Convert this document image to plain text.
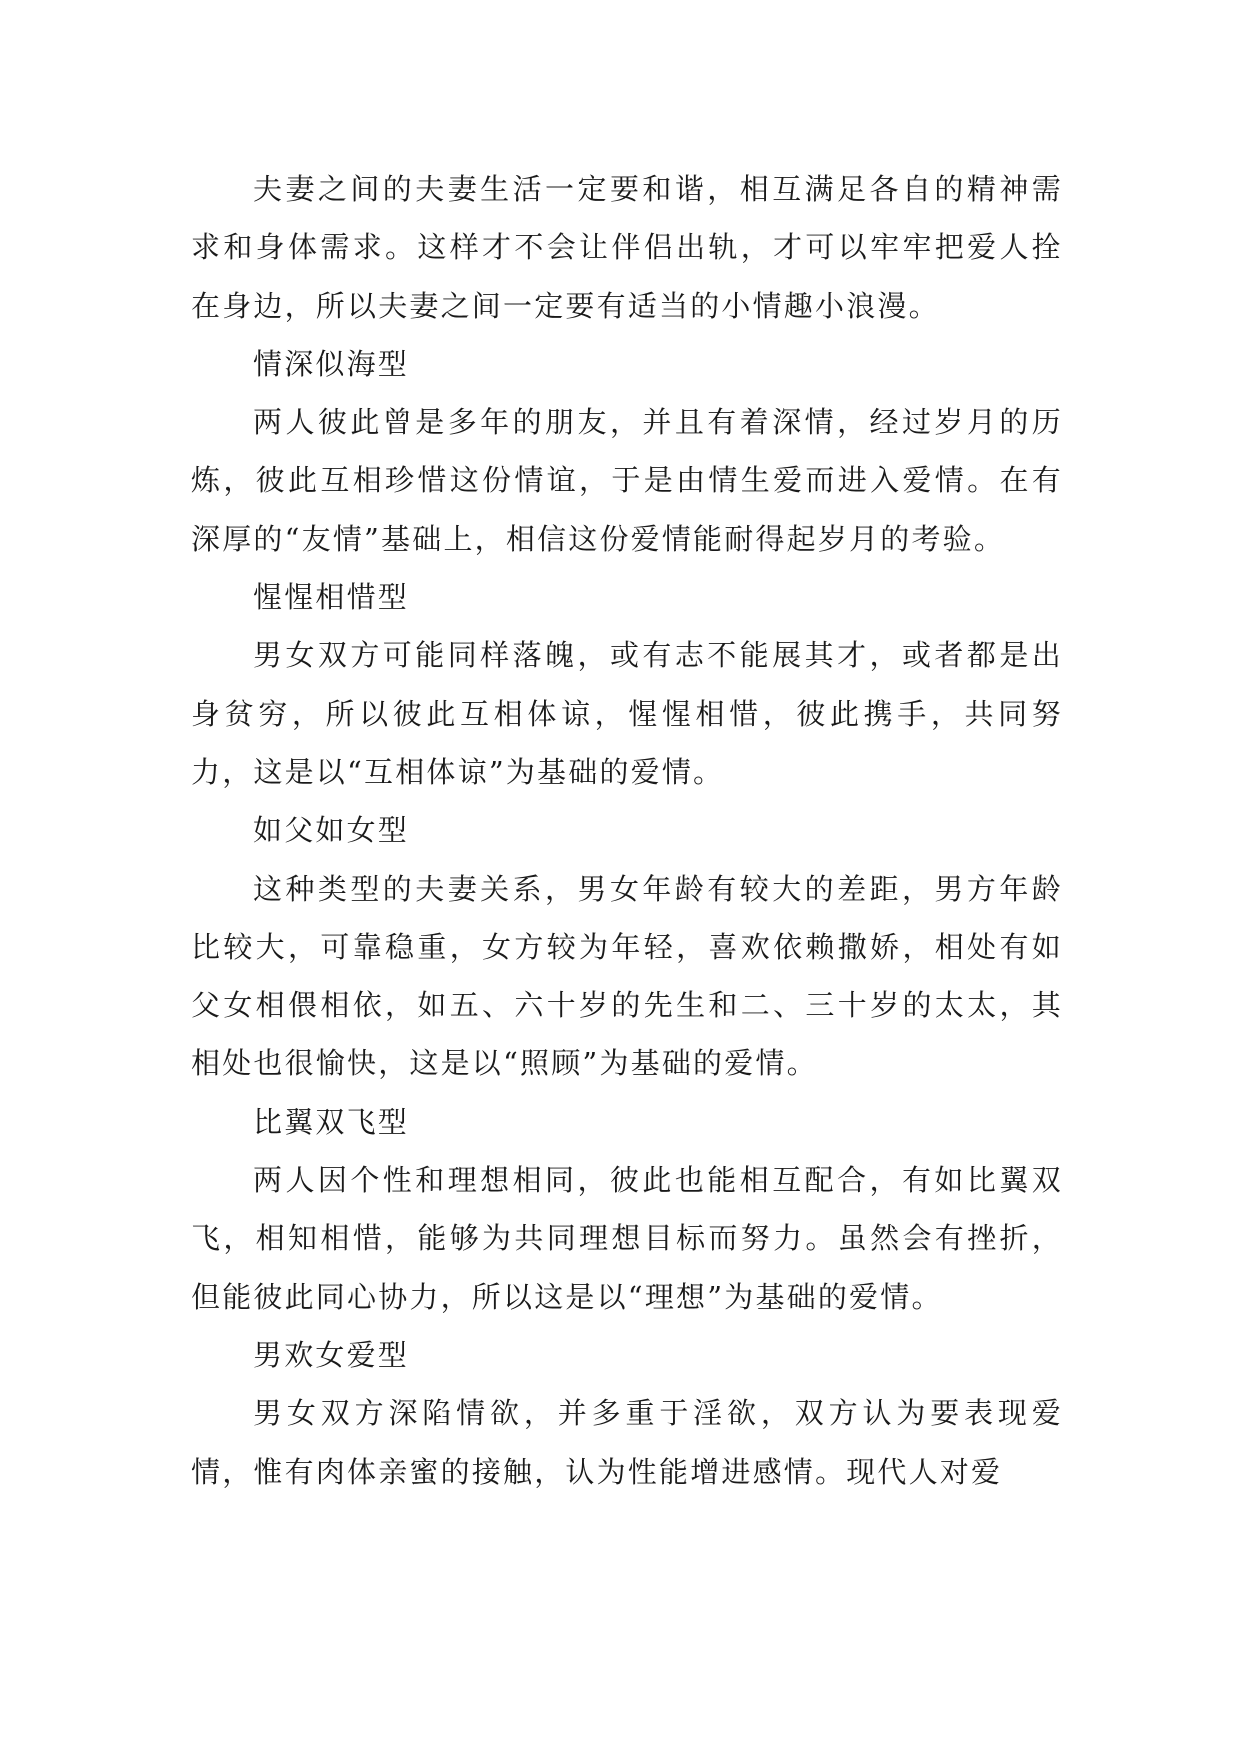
夫妻之间的夫妻生活一定要和谐，相互满足各自的精神需求和身体需求。这样才不会让伴侣出轨，才可以牢牢把爱人拴在身边，所以夫妻之间一定要有适当的小情趣小浪漫。

情深似海型

两人彼此曾是多年的朋友，并且有着深情，经过岁月的历炼，彼此互相珍惜这份情谊，于是由情生爱而进入爱情。在有深厚的“友情”基础上，相信这份爱情能耐得起岁月的考验。

惺惺相惜型

男女双方可能同样落魄，或有志不能展其才，或者都是出身贫穷，所以彼此互相体谅，惺惺相惜，彼此携手，共同努力，这是以“互相体谅”为基础的爱情。

如父如女型

这种类型的夫妻关系，男女年龄有较大的差距，男方年龄比较大，可靠稳重，女方较为年轻，喜欢依赖撒娇，相处有如父女相偎相依，如五、六十岁的先生和二、三十岁的太太，其相处也很愉快，这是以“照顾”为基础的爱情。

比翼双飞型

两人因个性和理想相同，彼此也能相互配合，有如比翼双飞，相知相惜，能够为共同理想目标而努力。虽然会有挫折，但能彼此同心协力，所以这是以“理想”为基础的爱情。

男欢女爱型

男女双方深陷情欲，并多重于淫欲，双方认为要表现爱情，惟有肉体亲蜜的接触，认为性能增进感情。现代人对爱
